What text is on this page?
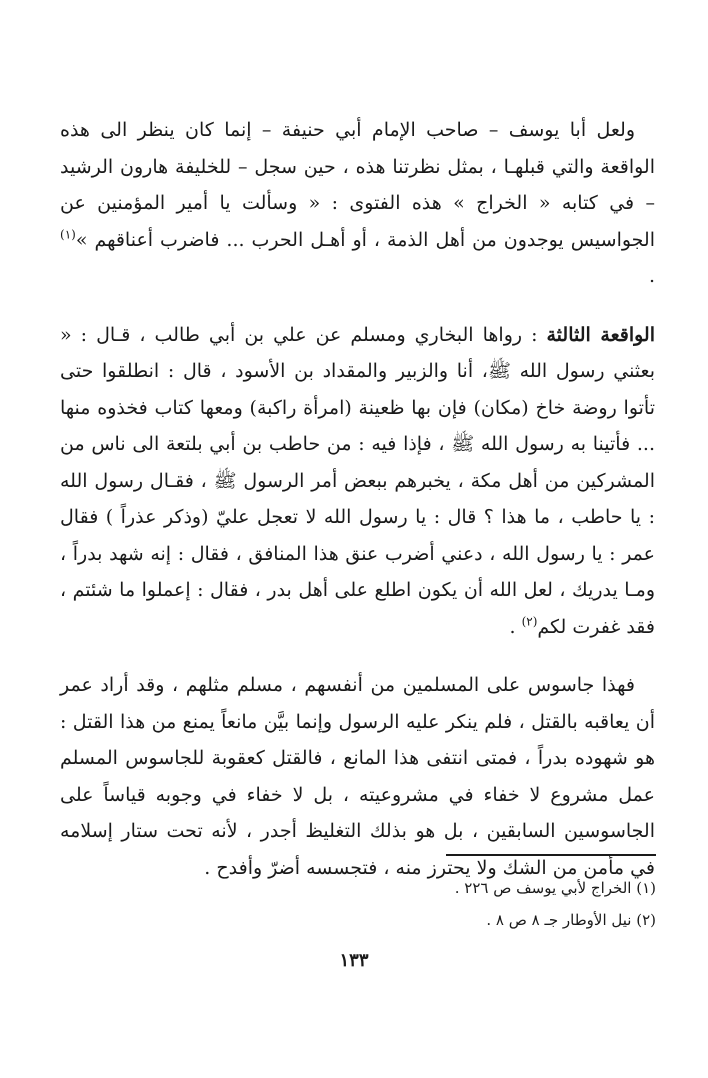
ولعل أبا يوسف – صاحب الإمام أبي حنيفة – إنما كان ينظر الى هذه الواقعة والتي قبلهـا ، بمثل نظرتنا هذه ، حين سجل – للخليفة هارون الرشيد – في كتابه « الخراج » هذه الفتوى : « وسألت يا أمير المؤمنين عن الجواسيس يوجدون من أهل الذمة ، أو أهـل الحرب ... فاضرب أعناقهم »$^{(١)}$ .

الواقعة الثالثة : رواها البخاري ومسلم عن علي بن أبي طالب ، قـال : « بعثني رسول الله ﷺ، أنا والزبير والمقداد بن الأسود ، قال : انطلقوا حتى تأتوا روضة خاخ (مكان) فإن بها ظعينة (امرأة راكبة) ومعها كتاب فخذوه منها ... فأتينا به رسول الله ﷺ ، فإذا فيه : من حاطب بن أبي بلتعة الى ناس من المشركين من أهل مكة ، يخبرهم ببعض أمر الرسول ﷺ ، فقـال رسول الله : يا حاطب ، ما هذا ؟ قال : يا رسول الله لا تعجل عليّ (وذكر عذراً ) فقال عمر : يا رسول الله ، دعني أضرب عنق هذا المنافق ، فقال : إنه شهد بدراً ، ومـا يدريك ، لعل الله أن يكون اطلع على أهل بدر ، فقال : إعملوا ما شئتم ، فقد غفرت لكم$^{(٢)}$ .

فهذا جاسوس على المسلمين من أنفسهم ، مسلم مثلهم ، وقد أراد عمر أن يعاقبه بالقتل ، فلم ينكر عليه الرسول وإنما بيَّن مانعاً يمنع من هذا القتل : هو شهوده بدراً ، فمتى انتفى هذا المانع ، فالقتل كعقوبة للجاسوس المسلم عمل مشروع لا خفاء في مشروعيته ، بل لا خفاء في وجوبه قياساً على الجاسوسين السابقين ، بل هو بذلك التغليظ أجدر ، لأنه تحت ستار إسلامه في مأمن من الشك ولا يحترز منه ، فتجسسه أضرّ وأفدح .

(١) الخراج لأبي يوسف ص ٢٢٦ .

(٢) نيل الأوطار جـ ٨ ص ٨ .

١٣٣
